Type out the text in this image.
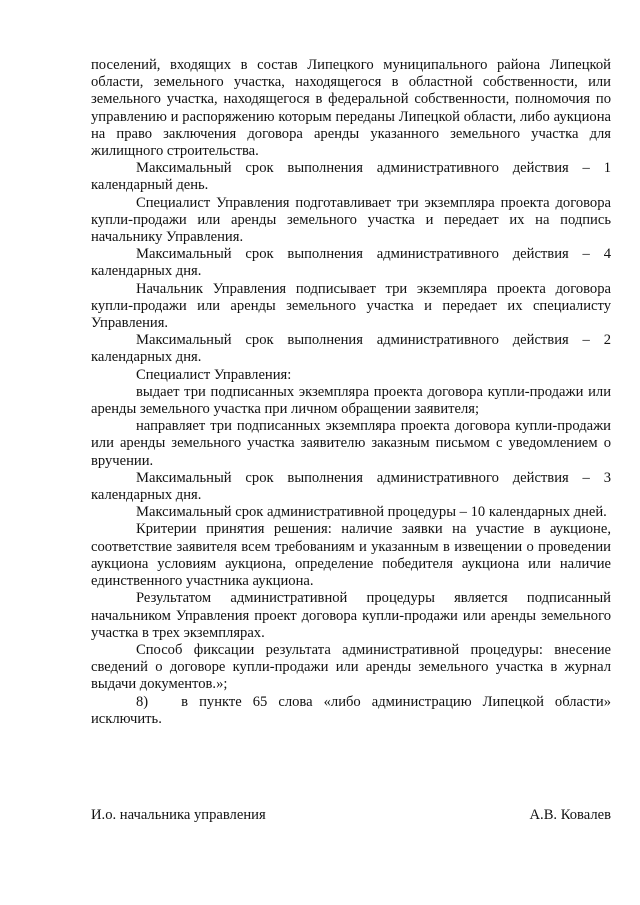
поселений, входящих в состав Липецкого муниципального района Липецкой области, земельного участка, находящегося в областной собственности, или земельного участка, находящегося в федеральной собственности, полномочия по управлению и распоряжению которым переданы Липецкой области, либо аукциона на право заключения договора аренды указанного земельного участка для жилищного строительства.

Максимальный срок выполнения административного действия – 1 календарный день.

Специалист Управления подготавливает три экземпляра проекта договора купли-продажи или аренды земельного участка и передает их на подпись начальнику Управления.

Максимальный срок выполнения административного действия – 4 календарных дня.

Начальник Управления подписывает три экземпляра проекта договора купли-продажи или аренды земельного участка и передает их специалисту Управления.

Максимальный срок выполнения административного действия – 2 календарных дня.

Специалист Управления:

выдает три подписанных экземпляра проекта договора купли-продажи или аренды земельного участка при личном обращении заявителя;

направляет три подписанных экземпляра проекта договора купли-продажи или аренды земельного участка заявителю заказным письмом с уведомлением о вручении.

Максимальный срок выполнения административного действия – 3 календарных дня.

Максимальный срок административной процедуры – 10 календарных дней.

Критерии принятия решения: наличие заявки на участие в аукционе, соответствие заявителя всем требованиям и указанным в извещении о проведении аукциона условиям аукциона, определение победителя аукциона или наличие единственного участника аукциона.

Результатом административной процедуры является подписанный начальником Управления проект договора купли-продажи или аренды земельного участка в трех экземплярах.

Способ фиксации результата административной процедуры: внесение сведений о договоре купли-продажи или аренды земельного участка в журнал выдачи документов.»;

8)   в пункте 65 слова «либо администрацию Липецкой области» исключить.

И.о. начальника управления	А.В. Ковалев
